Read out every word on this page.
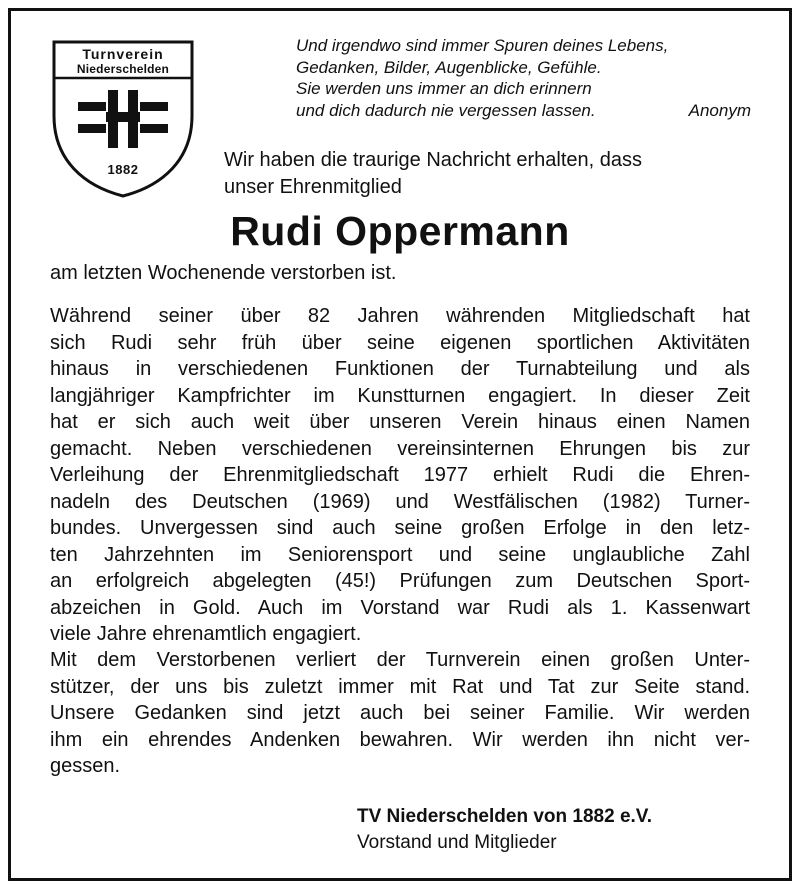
Turnverein
Niederschelden
1882
Und irgendwo sind immer Spuren deines Lebens,
Gedanken, Bilder, Augenblicke, Gefühle.
Sie werden uns immer an dich erinnern
und dich dadurch nie vergessen lassen.	Anonym
Wir haben die traurige Nachricht erhalten, dass
unser Ehrenmitglied
Rudi Oppermann
am letzten Wochenende verstorben ist.
Während seiner über 82 Jahren währenden Mitgliedschaft hat
sich Rudi sehr früh über seine eigenen sportlichen Aktivitäten
hinaus in verschiedenen Funktionen der Turnabteilung und als
langjähriger Kampfrichter im Kunstturnen engagiert. In dieser Zeit
hat er sich auch weit über unseren Verein hinaus einen Namen
gemacht. Neben verschiedenen vereinsinternen Ehrungen bis zur
Verleihung der Ehrenmitgliedschaft 1977 erhielt Rudi die Ehren-
nadeln des Deutschen (1969) und Westfälischen (1982) Turner-
bundes. Unvergessen sind auch seine großen Erfolge in den letz-
ten Jahrzehnten im Seniorensport und seine unglaubliche Zahl
an erfolgreich abgelegten (45!) Prüfungen zum Deutschen Sport-
abzeichen in Gold. Auch im Vorstand war Rudi als 1. Kassenwart
viele Jahre ehrenamtlich engagiert.
Mit dem Verstorbenen verliert der Turnverein einen großen Unter-
stützer, der uns bis zuletzt immer mit Rat und Tat zur Seite stand.
Unsere Gedanken sind jetzt auch bei seiner Familie. Wir werden
ihm ein ehrendes Andenken bewahren. Wir werden ihn nicht ver-
gessen.
TV Niederschelden von 1882 e.V.
Vorstand und Mitglieder
